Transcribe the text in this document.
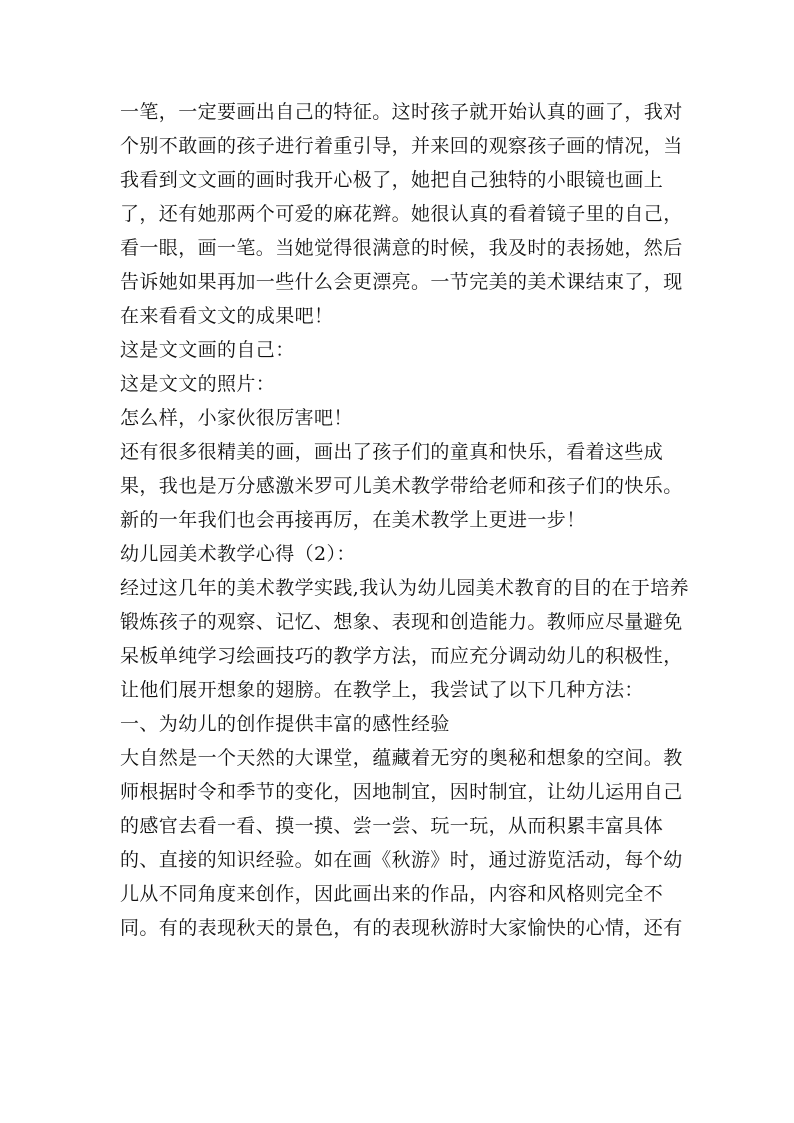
一笔，一定要画出自己的特征。这时孩子就开始认真的画了，我对
个别不敢画的孩子进行着重引导，并来回的观察孩子画的情况，当
我看到文文画的画时我开心极了，她把自己独特的小眼镜也画上
了，还有她那两个可爱的麻花辫。她很认真的看着镜子里的自己，
看一眼，画一笔。当她觉得很满意的时候，我及时的表扬她，然后
告诉她如果再加一些什么会更漂亮。一节完美的美术课结束了，现
在来看看文文的成果吧！
这是文文画的自己：
这是文文的照片：
怎么样，小家伙很厉害吧！
还有很多很精美的画，画出了孩子们的童真和快乐，看着这些成
果，我也是万分感激米罗可儿美术教学带给老师和孩子们的快乐。
新的一年我们也会再接再厉，在美术教学上更进一步！
幼儿园美术教学心得（2）：
经过这几年的美术教学实践,我认为幼儿园美术教育的目的在于培养
锻炼孩子的观察、记忆、想象、表现和创造能力。教师应尽量避免
呆板单纯学习绘画技巧的教学方法，而应充分调动幼儿的积极性，
让他们展开想象的翅膀。在教学上，我尝试了以下几种方法：
一、为幼儿的创作提供丰富的感性经验
大自然是一个天然的大课堂，蕴藏着无穷的奥秘和想象的空间。教
师根据时令和季节的变化，因地制宜，因时制宜，让幼儿运用自己
的感官去看一看、摸一摸、尝一尝、玩一玩，从而积累丰富具体
的、直接的知识经验。如在画《秋游》时，通过游览活动，每个幼
儿从不同角度来创作，因此画出来的作品，内容和风格则完全不
同。有的表现秋天的景色，有的表现秋游时大家愉快的心情，还有
